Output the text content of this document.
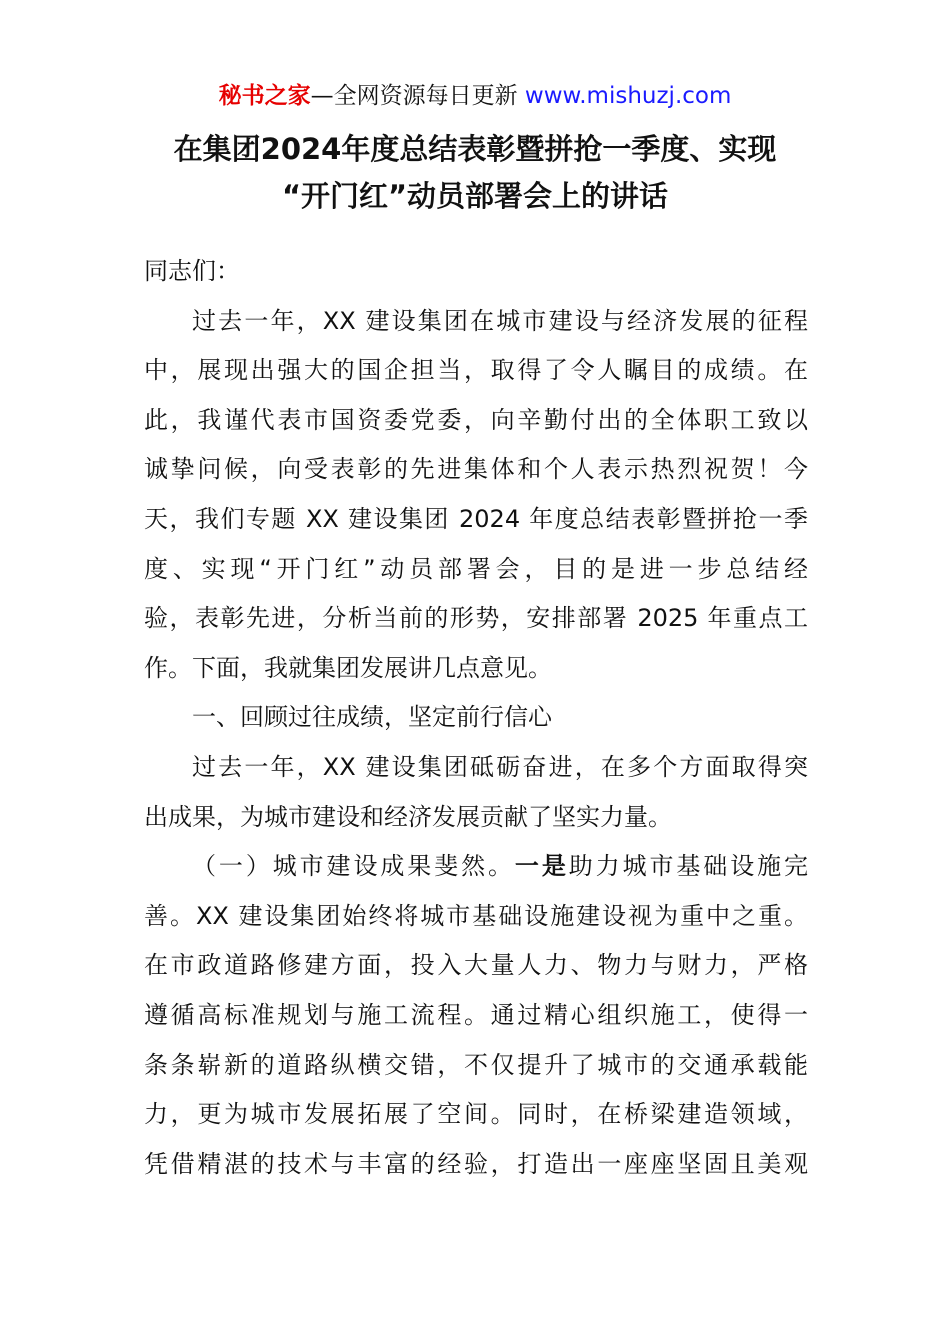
秘书之家—全网资源每日更新 www.mishuzj.com
在集团2024年度总结表彰暨拼抢一季度、实现
“开门红”动员部署会上的讲话
同志们：
过去一年，XX 建设集团在城市建设与经济发展的征程
中，展现出强大的国企担当，取得了令人瞩目的成绩。在
此，我谨代表市国资委党委，向辛勤付出的全体职工致以
诚挚问候，向受表彰的先进集体和个人表示热烈祝贺！今
天，我们专题 XX 建设集团 2024 年度总结表彰暨拼抢一季
度、实现“开门红”动员部署会，目的是进一步总结经
验，表彰先进，分析当前的形势，安排部署 2025 年重点工
作。下面，我就集团发展讲几点意见。
一、回顾过往成绩，坚定前行信心
过去一年，XX 建设集团砥砺奋进，在多个方面取得突
出成果，为城市建设和经济发展贡献了坚实力量。
（一）城市建设成果斐然。一是助力城市基础设施完
善。XX 建设集团始终将城市基础设施建设视为重中之重。
在市政道路修建方面，投入大量人力、物力与财力，严格
遵循高标准规划与施工流程。通过精心组织施工，使得一
条条崭新的道路纵横交错，不仅提升了城市的交通承载能
力，更为城市发展拓展了空间。同时，在桥梁建造领域，
凭借精湛的技术与丰富的经验，打造出一座座坚固且美观
